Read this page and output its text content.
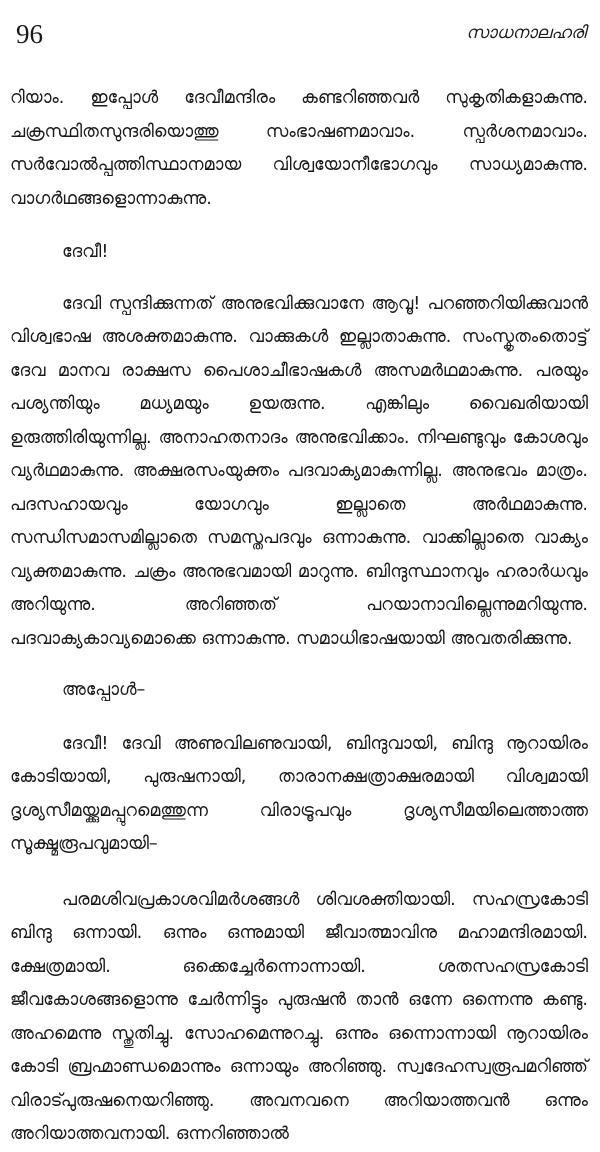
96	സാധനാലഹരി

റിയാം. ഇപ്പോൾ ദേവീമന്ദിരം കണ്ടറിഞ്ഞവർ സുകൃതികളാകുന്നു. ചക്രസ്ഥിതസുന്ദരിയൊത്തു സംഭാഷണമാവാം. സ്പർശനമാവാം. സർവോൽപ്പത്തിസ്ഥാനമായ വിശ്വയോനീഭോഗവും സാധ്യമാകുന്നു. വാഗർഥങ്ങളൊന്നാകുന്നു.

ദേവീ!

ദേവി സ്പന്ദിക്കുന്നത് അനുഭവിക്കുവാനേ ആവൂ! പറഞ്ഞറിയിക്കുവാൻ വിശ്വഭാഷ അശക്തമാകുന്നു. വാക്കുകൾ ഇല്ലാതാകുന്നു. സംസ്കൃതംതൊട്ട് ദേവ മാനവ രാക്ഷസ പൈശാചീഭാഷകൾ അസമർഥമാകുന്നു. പരയും പശ്യന്തിയും മധ്യമയും ഉയരുന്നു. എങ്കിലും വൈഖരിയായി ഉരുത്തിരിയുന്നില്ല. അനാഹതനാദം അനുഭവിക്കാം. നിഘണ്ടുവും കോശവും വ്യർഥമാകുന്നു. അക്ഷരസംയുക്തം പദവാക്യമാകുന്നില്ല. അനുഭവം മാത്രം. പദസഹായവും യോഗവും ഇല്ലാതെ അർഥമാകുന്നു. സന്ധിസമാസമില്ലാതെ സമസ്തപദവും ഒന്നാകുന്നു. വാക്കില്ലാതെ വാക്യം വ്യക്തമാകുന്നു. ചക്രം അനുഭവമായി മാറുന്നു. ബിന്ദുസ്ഥാനവും ഹരാർധവും അറിയുന്നു. അറിഞ്ഞത് പറയാനാവില്ലെന്നുമറിയുന്നു. പദവാക്യകാവ്യമൊക്കെ ഒന്നാകുന്നു. സമാധിഭാഷയായി അവതരിക്കുന്നു.

അപ്പോൾ–

ദേവീ! ദേവി അണുവിലണുവായി, ബിന്ദുവായി, ബിന്ദു നൂറായിരം കോടിയായി, പുരുഷനായി, താരാനക്ഷത്രാക്ഷരമായി വിശ്വമായി ദൃശ്യസീമയ്ക്കുമപ്പുറമെത്തുന്ന വിരാട്രൂപവും ദൃശ്യസീമയിലെത്താത്ത സൂക്ഷ്മരൂപവുമായി–

പരമശിവപ്രകാശവിമർശങ്ങൾ ശിവശക്തിയായി. സഹസ്രകോടി ബിന്ദു ഒന്നായി. ഒന്നും ഒന്നുമായി ജീവാത്മാവിനു മഹാമന്ദിരമായി. ക്ഷേത്രമായി. ഒക്കെച്ചേർന്നൊന്നായി. ശതസഹസ്രകോടി ജീവകോശങ്ങളൊന്നു ചേർന്നിട്ടും പുരുഷൻ താൻ ഒന്നേ ഒന്നെന്നു കണ്ടു. അഹമെന്നു സ്തുതിച്ചു. സോഹമെന്നുറച്ചു. ഒന്നും ഒന്നൊന്നായി നൂറായിരം കോടി ബ്രഹ്മാണ്ഡമൊന്നും ഒന്നായും അറിഞ്ഞു. സ്വദേഹസ്വരൂപമറിഞ്ഞ് വിരാട്പുരുഷനെയറിഞ്ഞു. അവനവനെ അറിയാത്തവൻ ഒന്നും അറിയാത്തവനായി. ഒന്നറിഞ്ഞാൽ
